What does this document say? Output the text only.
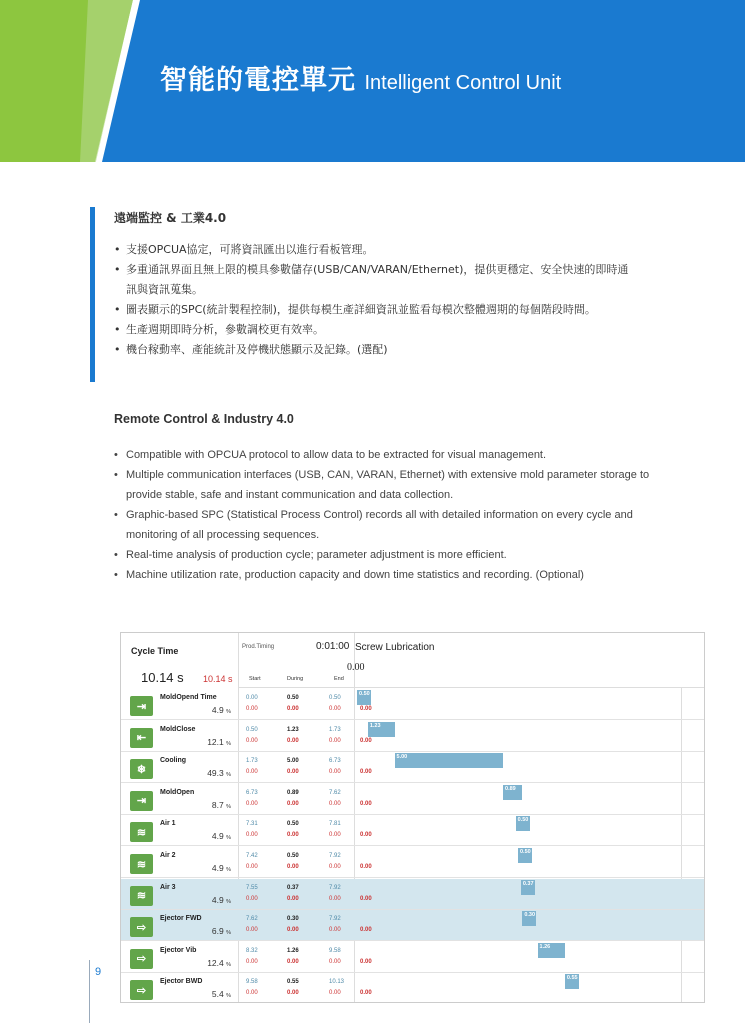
智能的電控單元 Intelligent Control Unit
遠端監控 & 工業4.0
• 支援OPCUA協定，可將資訊匯出以進行看板管理。
• 多重通訊界面且無上限的模具參數儲存(USB/CAN/VARAN/Ethernet)，提供更穩定、安全快速的即時通訊與資訊蒐集。
• 圖表顯示的SPC(統計製程控制)，提供每模生產詳細資訊並監看每模次整體週期的每個階段時間。
• 生產週期即時分析，參數調校更有效率。
• 機台稼動率、產能統計及停機狀態顯示及記錄。(選配)
Remote Control & Industry 4.0
• Compatible with OPCUA protocol to allow data to be extracted for visual management.
• Multiple communication interfaces (USB, CAN, VARAN, Ethernet) with extensive mold parameter storage to provide stable, safe and instant communication and data collection.
• Graphic-based SPC (Statistical Process Control) records all with detailed information on every cycle and monitoring of all processing sequences.
• Real-time analysis of production cycle; parameter adjustment is more efficient.
• Machine utilization rate, production capacity and down time statistics and recording. (Optional)
Cycle Time
10.14 s 10.14 s
Prod.Timing	0:01:00 Screw Lubrication
0.00
Start	During	End
⇥
MoldOpend Time
4.9 %
0.00	0.50	0.50
0.00	0.00	0.00	0.00
0.50
⇤
MoldClose
12.1 %
0.50	1.23	1.73
0.00	0.00	0.00	0.00
1.23
❄
Cooling
49.3 %
1.73	5.00	6.73
0.00	0.00	0.00	0.00
5.00
⇥
MoldOpen
8.7 %
6.73	0.89	7.62
0.00	0.00	0.00	0.00
0.89
≋
Air 1
4.9 %
7.31	0.50	7.81
0.00	0.00	0.00	0.00
0.50
≋
Air 2
4.9 %
7.42	0.50	7.92
0.00	0.00	0.00	0.00
0.50
≋
Air 3
4.9 %
7.55	0.37	7.92
0.00	0.00	0.00	0.00
0.37
⇨
Ejector FWD
6.9 %
7.62	0.30	7.92
0.00	0.00	0.00	0.00
0.30
⇨
Ejector Vib
12.4 %
8.32	1.26	9.58
0.00	0.00	0.00	0.00
1.26
⇨
Ejector BWD
5.4 %
9.58	0.55	10.13
0.00	0.00	0.00	0.00
0.55
9
